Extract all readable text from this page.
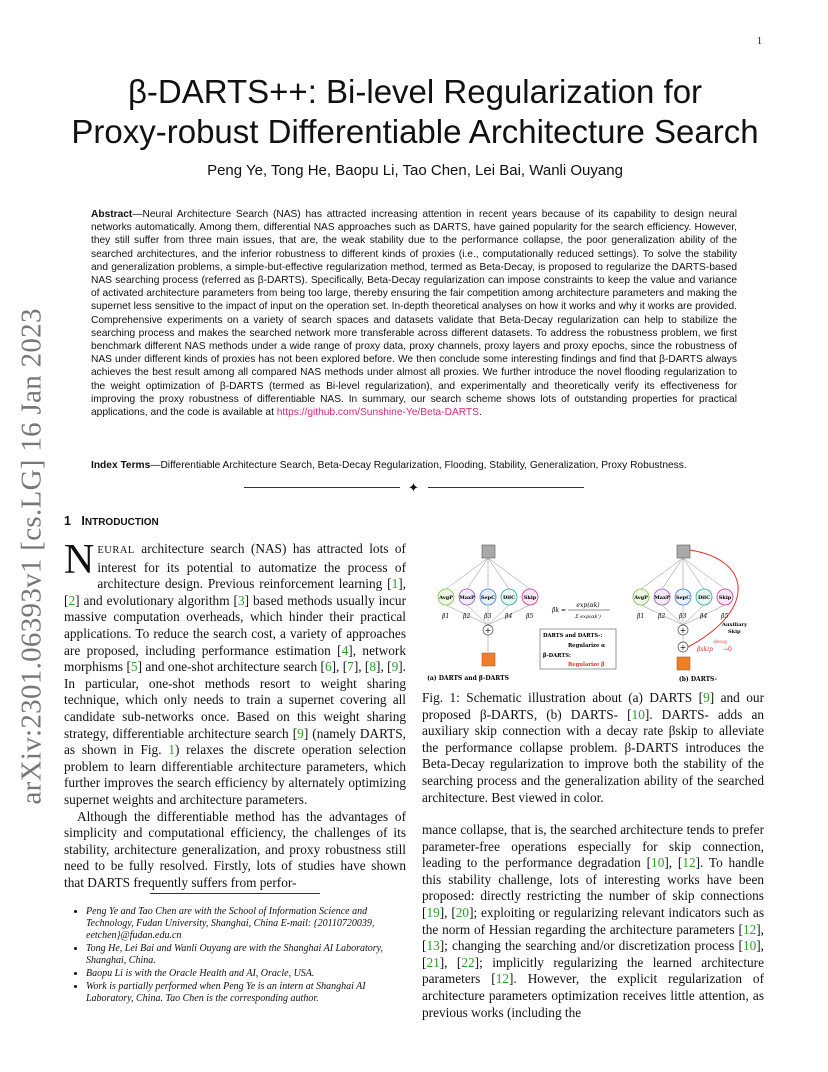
1
arXiv:2301.06393v1 [cs.LG] 16 Jan 2023
β-DARTS++: Bi-level Regularization for
Proxy-robust Differentiable Architecture Search
Peng Ye, Tong He, Baopu Li, Tao Chen, Lei Bai, Wanli Ouyang
Abstract—Neural Architecture Search (NAS) has attracted increasing attention in recent years because of its capability to design neural networks automatically. Among them, differential NAS approaches such as DARTS, have gained popularity for the search efficiency. However, they still suffer from three main issues, that are, the weak stability due to the performance collapse, the poor generalization ability of the searched architectures, and the inferior robustness to different kinds of proxies (i.e., computationally reduced settings). To solve the stability and generalization problems, a simple-but-effective regularization method, termed as Beta-Decay, is proposed to regularize the DARTS-based NAS searching process (referred as β-DARTS). Specifically, Beta-Decay regularization can impose constraints to keep the value and variance of activated architecture parameters from being too large, thereby ensuring the fair competition among architecture parameters and making the supernet less sensitive to the impact of input on the operation set. In-depth theoretical analyses on how it works and why it works are provided. Comprehensive experiments on a variety of search spaces and datasets validate that Beta-Decay regularization can help to stabilize the searching process and makes the searched network more transferable across different datasets. To address the robustness problem, we first benchmark different NAS methods under a wide range of proxy data, proxy channels, proxy layers and proxy epochs, since the robustness of NAS under different kinds of proxies has not been explored before. We then conclude some interesting findings and find that β-DARTS always achieves the best result among all compared NAS methods under almost all proxies. We further introduce the novel flooding regularization to the weight optimization of β-DARTS (termed as Bi-level regularization), and experimentally and theoretically verify its effectiveness for improving the proxy robustness of differentiable NAS. In summary, our search scheme shows lots of outstanding properties for practical applications, and the code is available at https://github.com/Sunshine-Ye/Beta-DARTS.
Index Terms—Differentiable Architecture Search, Beta-Decay Regularization, Flooding, Stability, Generalization, Proxy Robustness.
✦
1 INTRODUCTION

NEURAL architecture search (NAS) has attracted lots of interest for its potential to automatize the process of architecture design. Previous reinforcement learning [1], [2] and evolutionary algorithm [3] based methods usually incur massive computation overheads, which hinder their practical applications. To reduce the search cost, a variety of approaches are proposed, including performance estimation [4], network morphisms [5] and one-shot architecture search [6], [7], [8], [9]. In particular, one-shot methods resort to weight sharing technique, which only needs to train a supernet covering all candidate sub-networks once. Based on this weight sharing strategy, differentiable architecture search [9] (namely DARTS, as shown in Fig. 1) relaxes the discrete operation selection problem to learn differentiable architecture parameters, which further improves the search efficiency by alternately optimizing supernet weights and architecture parameters.

Although the differentiable method has the advantages of simplicity and computational efficiency, the challenges of its stability, architecture generalization, and proxy robustness still need to be fully resolved. Firstly, lots of studies have shown that DARTS frequently suffers from perfor-

AvgP MaxP SepC DilC Skip
β1 β2 β3 β4 β5
+
(a) DARTS and β-DARTS
βk =
exp(αk)
Σ exp(αk')
DARTS and DARTS-:
Regularize α
β-DARTS:
Regularize β
AvgP MaxP SepC DilC Skip
β1 β2 β3 β4 β5
Auxiliary
Skip
+
+
decay
βskip →0
(b) DARTS-
Fig. 1: Schematic illustration about (a) DARTS [9] and our proposed β-DARTS, (b) DARTS- [10]. DARTS- adds an auxiliary skip connection with a decay rate βskip to alleviate the performance collapse problem. β-DARTS introduces the Beta-Decay regularization to improve both the stability of the searching process and the generalization ability of the searched architecture. Best viewed in color.

mance collapse, that is, the searched architecture tends to prefer parameter-free operations especially for skip connection, leading to the performance degradation [10], [12]. To handle this stability challenge, lots of interesting works have been proposed: directly restricting the number of skip connections [19], [20]; exploiting or regularizing relevant indicators such as the norm of Hessian regarding the architecture parameters [12], [13]; changing the searching and/or discretization process [10], [21], [22]; implicitly regularizing the learned architecture parameters [12]. However, the explicit regularization of architecture parameters optimization receives little attention, as previous works (including the

• Peng Ye and Tao Chen are with the School of Information Science and Technology, Fudan University, Shanghai, China E-mail: {20110720039, eetchen}@fudan.edu.cn
• Tong He, Lei Bai and Wanli Ouyang are with the Shanghai AI Laboratory, Shanghai, China.
• Baopu Li is with the Oracle Health and AI, Oracle, USA.
• Work is partially performed when Peng Ye is an intern at Shanghai AI Laboratory, China. Tao Chen is the corresponding author.
